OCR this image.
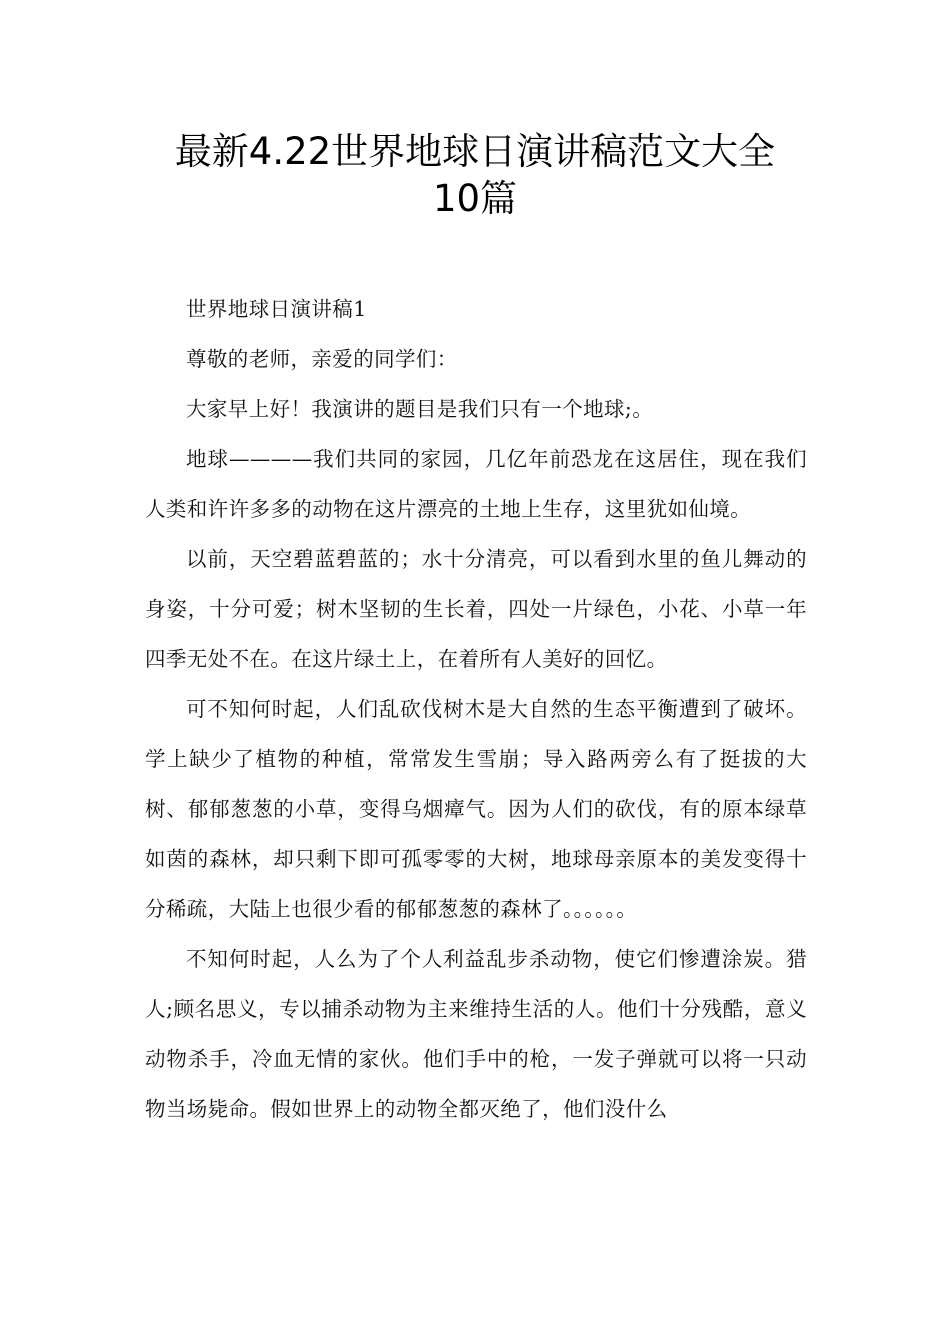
最新4.22世界地球日演讲稿范文大全
10篇

世界地球日演讲稿1

尊敬的老师，亲爱的同学们：

大家早上好！我演讲的题目是我们只有一个地球;。

地球————我们共同的家园，几亿年前恐龙在这居住，现在我们人类和许许多多的动物在这片漂亮的土地上生存，这里犹如仙境。

以前，天空碧蓝碧蓝的；水十分清亮，可以看到水里的鱼儿舞动的身姿，十分可爱；树木坚韧的生长着，四处一片绿色，小花、小草一年四季无处不在。在这片绿土上，在着所有人美好的回忆。

可不知何时起，人们乱砍伐树木是大自然的生态平衡遭到了破坏。学上缺少了植物的种植，常常发生雪崩；导入路两旁么有了挺拔的大树、郁郁葱葱的小草，变得乌烟瘴气。因为人们的砍伐，有的原本绿草如茵的森林，却只剩下即可孤零零的大树，地球母亲原本的美发变得十分稀疏，大陆上也很少看的郁郁葱葱的森林了。。。。。。

不知何时起，人么为了个人利益乱步杀动物，使它们惨遭涂炭。猎人;顾名思义，专以捕杀动物为主来维持生活的人。他们十分残酷，意义动物杀手，冷血无情的家伙。他们手中的枪，一发子弹就可以将一只动物当场毙命。假如世界上的动物全都灭绝了，他们没什么
